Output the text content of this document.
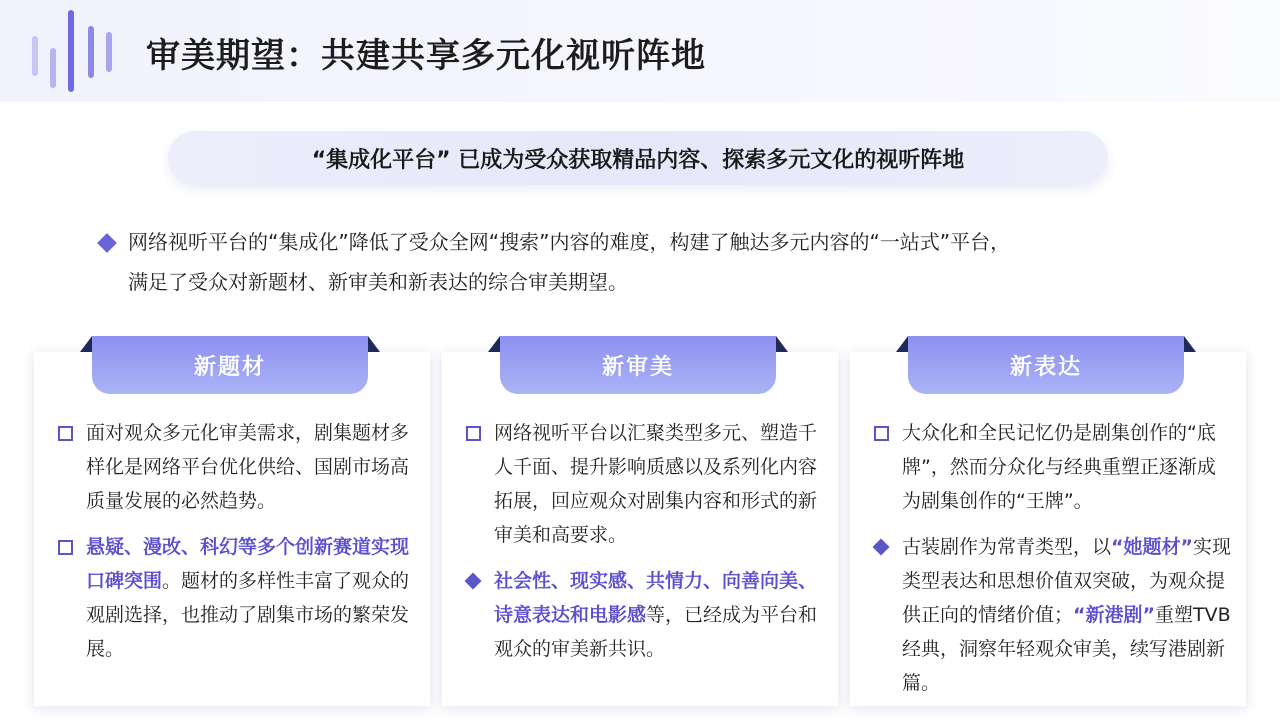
审美期望：共建共享多元化视听阵地
“集成化平台” 已成为受众获取精品内容、探索多元文化的视听阵地
网络视听平台的“集成化”降低了受众全网“搜索”内容的难度，构建了触达多元内容的“一站式”平台，
满足了受众对新题材、新审美和新表达的综合审美期望。
面对观众多元化审美需求，剧集题材多样化是网络平台优化供给、国剧市场高质量发展的必然趋势。
悬疑、漫改、科幻等多个创新赛道实现口碑突围。题材的多样性丰富了观众的观剧选择，也推动了剧集市场的繁荣发展。
新题材
网络视听平台以汇聚类型多元、塑造千人千面、提升影响质感以及系列化内容拓展，回应观众对剧集内容和形式的新审美和高要求。
社会性、现实感、共情力、向善向美、诗意表达和电影感等，已经成为平台和观众的审美新共识。
新审美
大众化和全民记忆仍是剧集创作的“底牌”，然而分众化与经典重塑正逐渐成为剧集创作的“王牌”。
古装剧作为常青类型，以“她题材”实现类型表达和思想价值双突破，为观众提供正向的情绪价值；“新港剧”重塑TVB经典，洞察年轻观众审美，续写港剧新篇。
新表达
